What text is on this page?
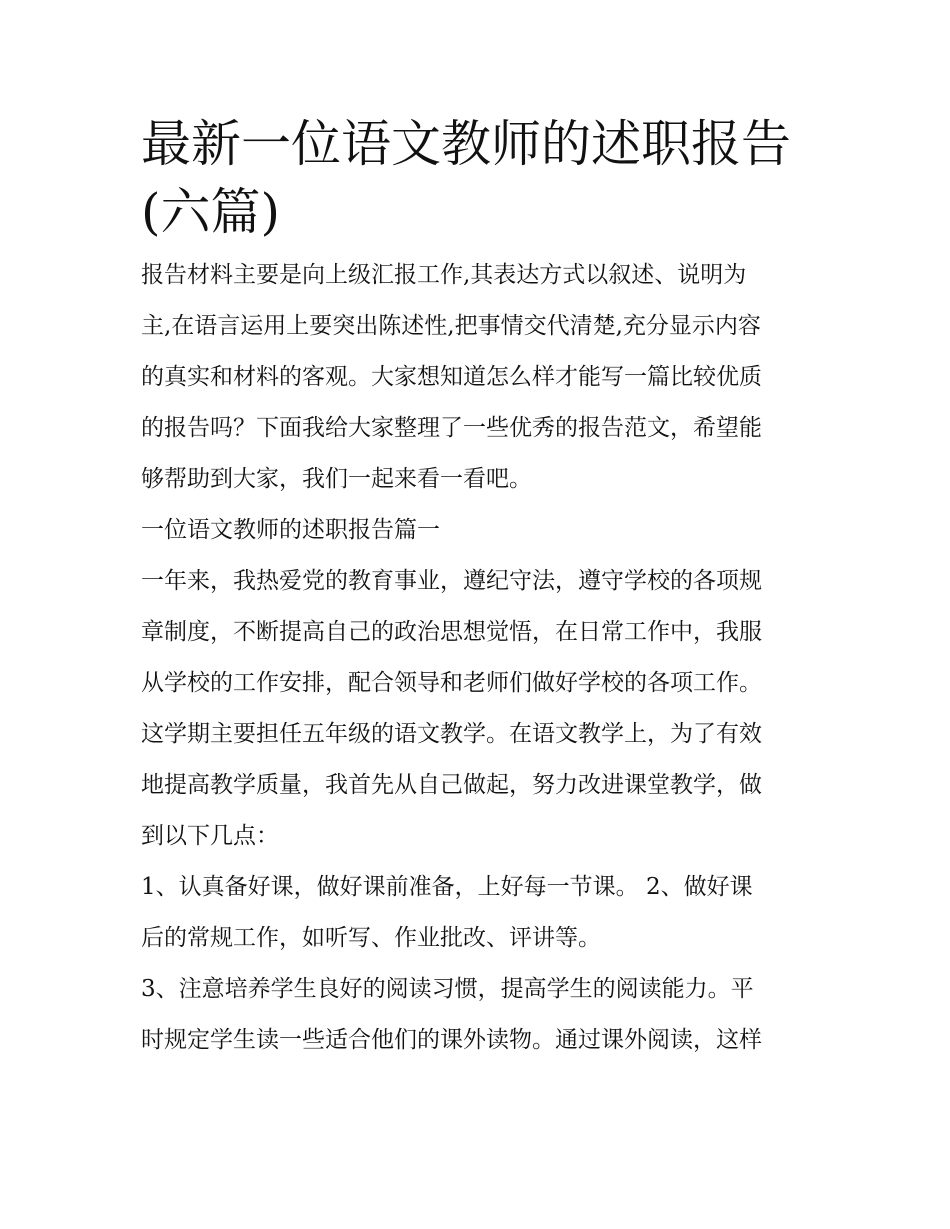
最新一位语文教师的述职报告
(六篇)

报告材料主要是向上级汇报工作,其表达方式以叙述、说明为
主,在语言运用上要突出陈述性,把事情交代清楚,充分显示内容
的真实和材料的客观。大家想知道怎么样才能写一篇比较优质
的报告吗？下面我给大家整理了一些优秀的报告范文，希望能
够帮助到大家，我们一起来看一看吧。

一位语文教师的述职报告篇一

一年来，我热爱党的教育事业，遵纪守法，遵守学校的各项规
章制度，不断提高自己的政治思想觉悟，在日常工作中，我服
从学校的工作安排，配合领导和老师们做好学校的各项工作。
这学期主要担任五年级的语文教学。在语文教学上，为了有效
地提高教学质量，我首先从自己做起，努力改进课堂教学，做
到以下几点：

1、认真备好课，做好课前准备，上好每一节课。 2、做好课
后的常规工作，如听写、作业批改、评讲等。

3、注意培养学生良好的阅读习惯，提高学生的阅读能力。平
时规定学生读一些适合他们的课外读物。通过课外阅读，这样
